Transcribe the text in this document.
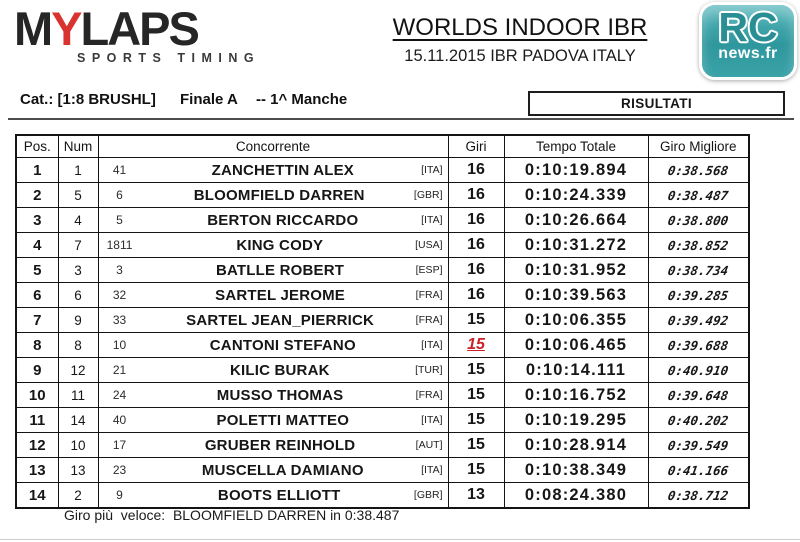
MYLAPS
SPORTS TIMING
WORLDS INDOOR IBR
15.11.2015 IBR PADOVA ITALY
RC
news.fr
Cat.: [1:8 BRUSHL] Finale A -- 1^ Manche	RISULTATI
Pos.	Num	Concorrente	Giri	Tempo Totale	Giro Migliore
1	1	41 ZANCHETTIN ALEX [ITA]	16	0:10:19.894	0:38.568
2	5	6 BLOOMFIELD DARREN [GBR]	16	0:10:24.339	0:38.487
3	4	5 BERTON RICCARDO [ITA]	16	0:10:26.664	0:38.800
4	7	1811 KING CODY [USA]	16	0:10:31.272	0:38.852
5	3	3 BATLLE ROBERT [ESP]	16	0:10:31.952	0:38.734
6	6	32 SARTEL JEROME [FRA]	16	0:10:39.563	0:39.285
7	9	33 SARTEL JEAN_PIERRICK [FRA]	15	0:10:06.355	0:39.492
8	8	10 CANTONI STEFANO [ITA]	15	0:10:06.465	0:39.688
9	12	21 KILIC BURAK [TUR]	15	0:10:14.111	0:40.910
10	11	24 MUSSO THOMAS [FRA]	15	0:10:16.752	0:39.648
11	14	40 POLETTI MATTEO [ITA]	15	0:10:19.295	0:40.202
12	10	17 GRUBER REINHOLD [AUT]	15	0:10:28.914	0:39.549
13	13	23 MUSCELLA DAMIANO [ITA]	15	0:10:38.349	0:41.166
14	2	9 BOOTS ELLIOTT [GBR]	13	0:08:24.380	0:38.712
Giro più  veloce:  BLOOMFIELD DARREN in 0:38.487
